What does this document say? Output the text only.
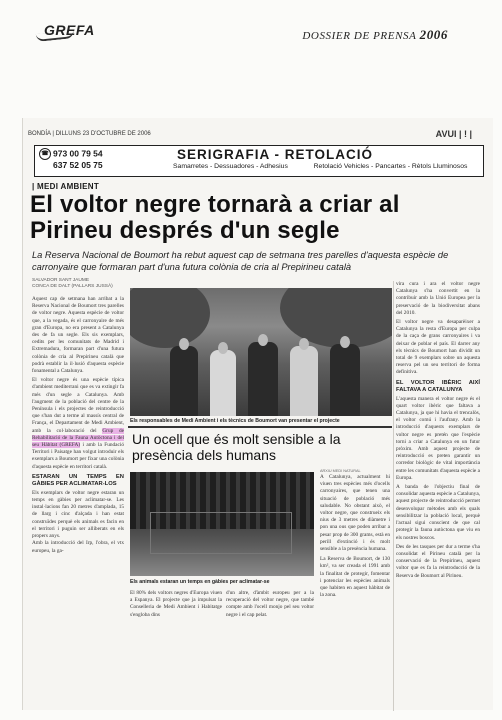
GREFA	DOSSIER DE PRENSA 2006
BONDÍA | DILLUNS 23 D'OCTUBRE DE 2006	AVUI | ! |
☎ 973 00 79 54
637 52 05 75
SERIGRAFIA - RETOLACIÓ
Samarretes - Dessuadores - Adhesius	Retolació Vehicles - Pancartes - Rètols Lluminosos
| MEDI AMBIENT
El voltor negre tornarà a criar al Pirineu després d'un segle
La Reserva Nacional de Boumort ha rebut aquest cap de setmana tres parelles d'aquesta espècie de carronyaire que formaran part d'una futura colònia de cria al Prepirineu català
SALVADOR SANT JAUME
CONCA DE DALT (PALLARS JUSSÀ)
Aquest cap de setmana han arribat a la Reserva Nacional de Boumort tres parelles de voltor negre. Aquesta espècie de voltor que, a la vegada, és el carronyaire de més gran d'Europa, no era present a Catalunya des de fa un segle. Els sis exemplars, cedits per les comunitats de Madrid i Extremadura, formaran part d'una futura colònia de cria al Prepirineu català que podrà establir la il·lusió d'aquesta espècie fonamental a Catalunya.
El voltor negre és una espècie típica d'ambient mediterrani que es va extingir fa més d'un segle a Catalunya. Amb l'augment de la població del centre de la Península i els projectes de reintroducció que s'han dut a terme al massís central de França, el Departament de Medi Ambient, amb la col·laboració del Grup de Rehabilitació de la Fauna Autòctona i del seu Hàbitat (GREFA) i amb la Fundació Territori i Paisatge han volgut introduir els exemplars a Boumort per fixar una colònia d'aquesta espècie en territori català.
ESTARAN UN TEMPS EN GÀBIES PER ACLIMATAR-LOS
Els exemplars de voltor negre estaran un temps en gàbies per aclimatar-se. Les instal·lacions fan 20 metres d'amplada, 15 de llarg i cinc d'alçada i han estat construïdes perquè els animals es facin en el territori i puguin ser alliberats en els propers anys.
Amb la introducció del Irp, l'obra, el vtx europeu, la ga-
Els responsables de Medi Ambient i els tècnics de Boumort van presentar el projecte
Un ocell que és molt sensible a la presència dels humans
ARXIU MEDI NATURAL
Els animals estaran un temps en gàbies per aclimatar-se
El 80% dels voltors negres d'Europa viuen a Espanya. El projecte que ja impulsat la Conselleria de Medi Ambient i Habitatge s'engloba dins
d'un altre, d'àmbit europeu per a la recuperació del voltor negre, que també compte amb l'ocell monjo pel seu voltor negre i el cap pelat.
A Catalunya, actualment hi viuen tres espècies més d'ocells carronyaires, que tenen una situació de població més saludable. No obstant això, el voltor negre, que construeix els nius de 3 metres de diàmetre i pon una ous que poden arribar a pesar prop de 300 grams, està en perill d'extinció i és molt sensible a la presència humana.
La Reserva de Boumort, de 130 km², va ser creada el 1991 amb la finalitat de protegir, fomentar i potenciar les espècies animals que habiten en aquest hàbitat de la zona.
vira cura i ara el voltor negre Catalunya s'ha convertit en la contribuir amb la Unió Europea per la preservació de la biodiversitat abans del 2010.
El voltor negre va desaparèixer a Catalunya la resta d'Europa per culpa de la caça de grans carronyaires i va deixar de poblar el país. El darrer any els tècnics de Boumort han dividit un total de 9 exemplars sobre un aquesta reserva pel un seu territori de forma definitiva.
EL VOLTOR IBÈRIC AIXÍ FALTAVA A CATALUNYA
L'aquesta manera el voltor negre és el quart voltor ibèric que faltava a Catalunya, ja que hi havia el trencalòs, el voltor comú i l'aufrany. Amb la introducció d'aquests exemplars de voltor negre es pretén que l'espècie torni a criar a Catalunya en un futur pròxim. Amb aquest projecte de reintroducció es preten garantir un corredor biològic de vital importància entre les comunitats d'aquesta espècie a Europa.
A banda de l'objectiu final de consolidar aquesta espècie a Catalunya, aquest projecte de reintroducció permet desenvolupar mètodes amb els quals sensibilitzar la població local, perquè l'actual sigui conscient de que cal protegir la fauna autòctona que viu en els nostres boscos.
Des de les tasques per dur a terme s'ha consolidat el Pirineu català per la conservació de la Prepirineu, aquest voltor que es fa la reintroducció de la Reserva de Boumort al Pirineu.
